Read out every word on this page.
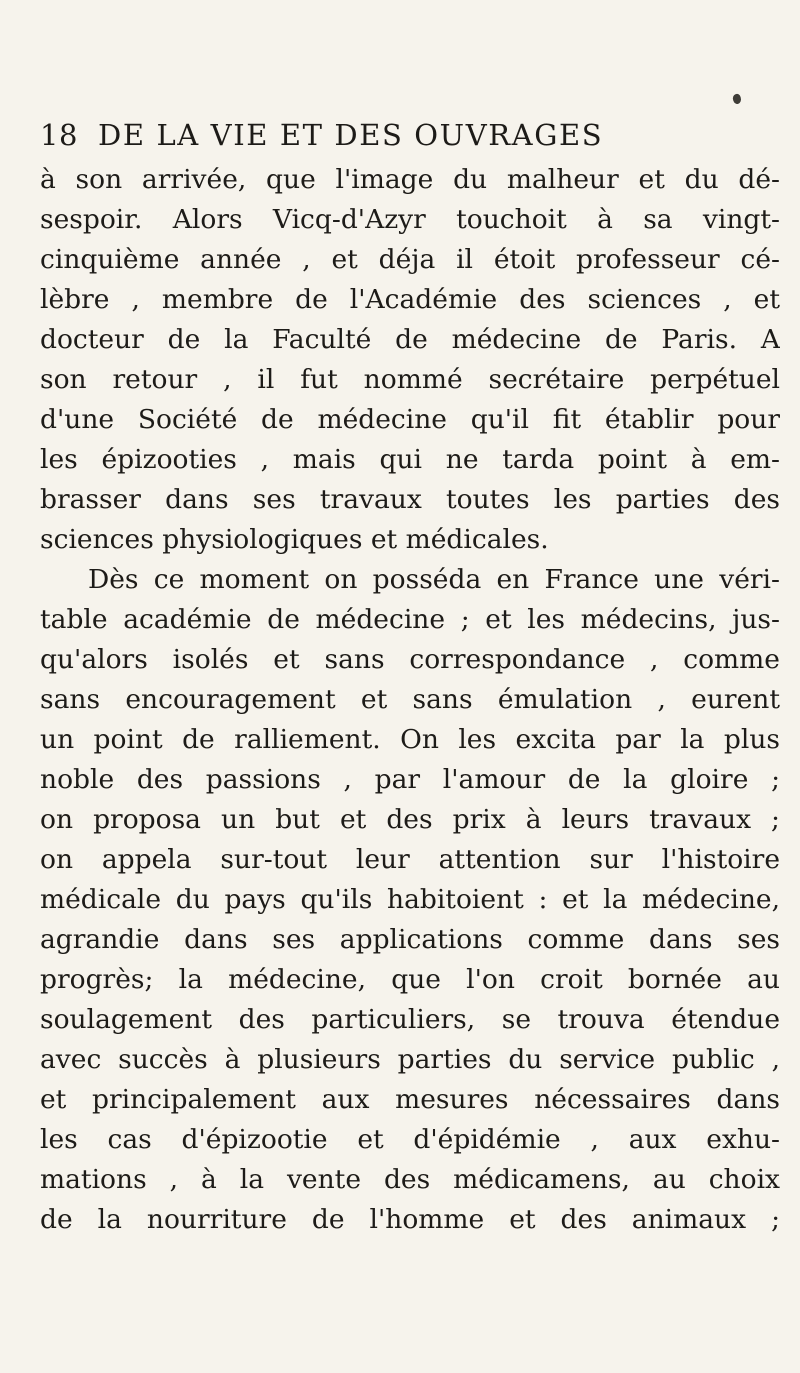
18 DE LA VIE ET DES OUVRAGES
à son arrivée, que l'image du malheur et du dé-
sespoir. Alors Vicq-d'Azyr touchoit à sa vingt-
cinquième année , et déja il étoit professeur cé-
lèbre , membre de l'Académie des sciences , et
docteur de la Faculté de médecine de Paris. A
son retour , il fut nommé secrétaire perpétuel
d'une Société de médecine qu'il fit établir pour
les épizooties , mais qui ne tarda point à em-
brasser dans ses travaux toutes les parties des
sciences physiologiques et médicales.
Dès ce moment on posséda en France une véri-
table académie de médecine ; et les médecins, jus-
qu'alors isolés et sans correspondance , comme
sans encouragement et sans émulation , eurent
un point de ralliement. On les excita par la plus
noble des passions , par l'amour de la gloire ;
on proposa un but et des prix à leurs travaux ;
on appela sur-tout leur attention sur l'histoire
médicale du pays qu'ils habitoient : et la médecine,
agrandie dans ses applications comme dans ses
progrès; la médecine, que l'on croit bornée au
soulagement des particuliers, se trouva étendue
avec succès à plusieurs parties du service public ,
et principalement aux mesures nécessaires dans
les cas d'épizootie et d'épidémie , aux exhu-
mations , à la vente des médicamens, au choix
de la nourriture de l'homme et des animaux ;
